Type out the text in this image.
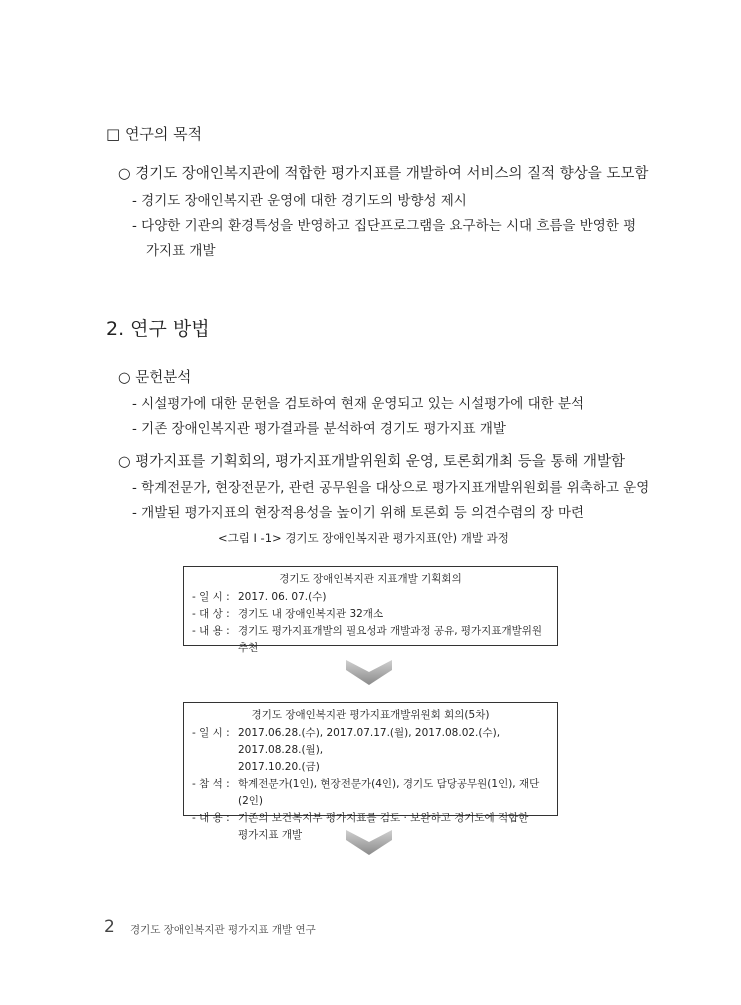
□ 연구의 목적
○ 경기도 장애인복지관에 적합한 평가지표를 개발하여 서비스의 질적 향상을 도모함
- 경기도 장애인복지관 운영에 대한 경기도의 방향성 제시
- 다양한 기관의 환경특성을 반영하고 집단프로그램을 요구하는 시대 흐름을 반영한 평
가지표 개발
2. 연구 방법
○ 문헌분석
- 시설평가에 대한 문헌을 검토하여 현재 운영되고 있는 시설평가에 대한 분석
- 기존 장애인복지관 평가결과를 분석하여 경기도 평가지표 개발
○ 평가지표를 기획회의, 평가지표개발위원회 운영, 토론회개최 등을 통해 개발함
- 학계전문가, 현장전문가, 관련 공무원을 대상으로 평가지표개발위원회를 위촉하고 운영
- 개발된 평가지표의 현장적용성을 높이기 위해 토론회 등 의견수렴의 장 마련
<그림 Ⅰ -1> 경기도 장애인복지관 평가지표(안) 개발 과정
경기도 장애인복지관 지표개발 기획회의
- 일 시 : 2017. 06. 07.(수)
- 대 상 : 경기도 내 장애인복지관 32개소
- 내 용 : 경기도 평가지표개발의 필요성과 개발과정 공유, 평가지표개발위원 추천
경기도 장애인복지관 평가지표개발위원회 회의(5차)
- 일 시 : 2017.06.28.(수), 2017.07.17.(월), 2017.08.02.(수), 2017.08.28.(월),
2017.10.20.(금)
- 참 석 : 학계전문가(1인), 현장전문가(4인), 경기도 담당공무원(1인), 재단(2인)
- 내 용 : 기존의 보건복지부 평가지표를 검토 · 보완하고 경기도에 적합한
평가지표 개발
2 경기도 장애인복지관 평가지표 개발 연구
